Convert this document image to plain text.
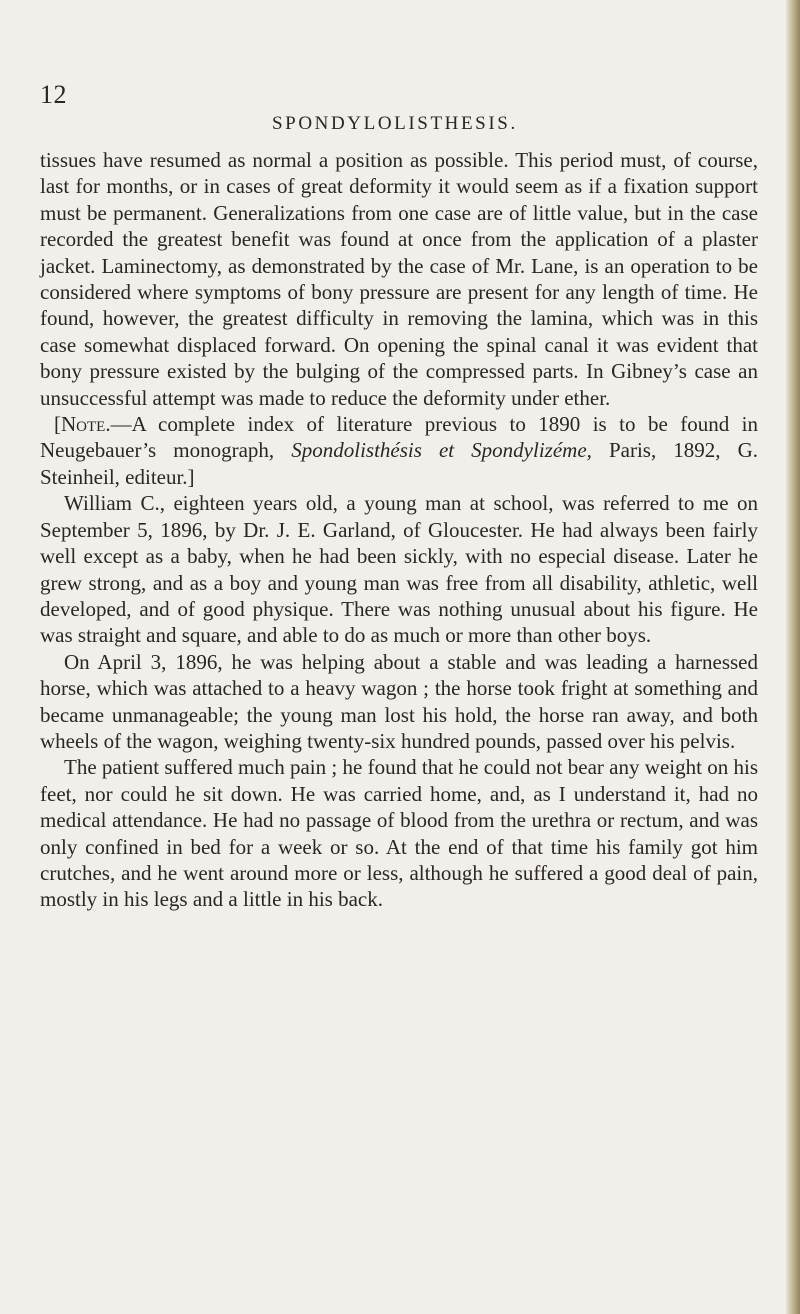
12
SPONDYLOLISTHESIS.

tissues have resumed as normal a position as possible. This period must, of course, last for months, or in cases of great deformity it would seem as if a fixation support must be permanent. Generalizations from one case are of little value, but in the case recorded the greatest benefit was found at once from the application of a plaster jacket. Laminectomy, as demonstrated by the case of Mr. Lane, is an operation to be considered where symptoms of bony pressure are present for any length of time. He found, however, the greatest difficulty in removing the lamina, which was in this case somewhat displaced forward. On opening the spinal canal it was evident that bony pressure existed by the bulging of the compressed parts. In Gibney’s case an unsuccessful attempt was made to reduce the deformity under ether.

[Note.—A complete index of literature previous to 1890 is to be found in Neugebauer’s monograph, Spondolisthésis et Spondylizéme, Paris, 1892, G. Steinheil, editeur.]

William C., eighteen years old, a young man at school, was referred to me on September 5, 1896, by Dr. J. E. Garland, of Gloucester. He had always been fairly well except as a baby, when he had been sickly, with no especial disease. Later he grew strong, and as a boy and young man was free from all disability, athletic, well developed, and of good physique. There was nothing unusual about his figure. He was straight and square, and able to do as much or more than other boys.

On April 3, 1896, he was helping about a stable and was leading a harnessed horse, which was attached to a heavy wagon ; the horse took fright at something and became unmanageable; the young man lost his hold, the horse ran away, and both wheels of the wagon, weighing twenty-six hundred pounds, passed over his pelvis.

The patient suffered much pain ; he found that he could not bear any weight on his feet, nor could he sit down. He was carried home, and, as I understand it, had no medical attendance. He had no passage of blood from the urethra or rectum, and was only confined in bed for a week or so. At the end of that time his family got him crutches, and he went around more or less, although he suffered a good deal of pain, mostly in his legs and a little in his back.
